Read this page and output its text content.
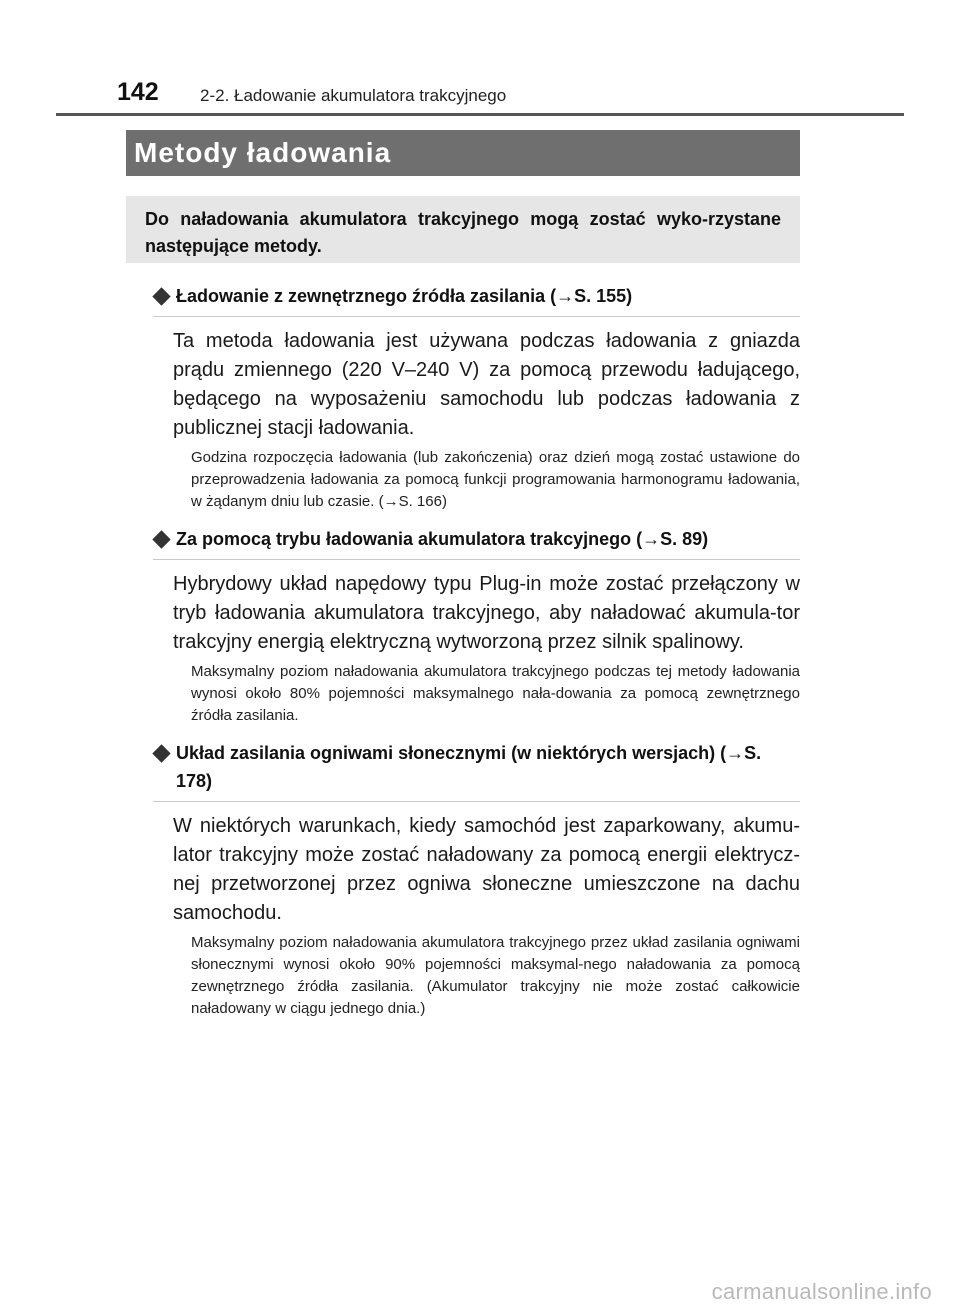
142 2-2. Ładowanie akumulatora trakcyjnego
Metody ładowania
Do naładowania akumulatora trakcyjnego mogą zostać wyko-rzystane następujące metody.
Ładowanie z zewnętrznego źródła zasilania (→S. 155)
Ta metoda ładowania jest używana podczas ładowania z gniazda prądu zmiennego (220 V–240 V) za pomocą przewodu ładującego, będącego na wyposażeniu samochodu lub podczas ładowania z publicznej stacji ładowania.
Godzina rozpoczęcia ładowania (lub zakończenia) oraz dzień mogą zostać ustawione do przeprowadzenia ładowania za pomocą funkcji programowania harmonogramu ładowania, w żądanym dniu lub czasie. (→S. 166)
Za pomocą trybu ładowania akumulatora trakcyjnego (→S. 89)
Hybrydowy układ napędowy typu Plug-in może zostać przełączony w tryb ładowania akumulatora trakcyjnego, aby naładować akumula-tor trakcyjny energią elektryczną wytworzoną przez silnik spalinowy.
Maksymalny poziom naładowania akumulatora trakcyjnego podczas tej metody ładowania wynosi około 80% pojemności maksymalnego nała-dowania za pomocą zewnętrznego źródła zasilania.
Układ zasilania ogniwami słonecznymi (w niektórych wersjach) (→S. 178)
W niektórych warunkach, kiedy samochód jest zaparkowany, akumu-lator trakcyjny może zostać naładowany za pomocą energii elektrycz-nej przetworzonej przez ogniwa słoneczne umieszczone na dachu samochodu.
Maksymalny poziom naładowania akumulatora trakcyjnego przez układ zasilania ogniwami słonecznymi wynosi około 90% pojemności maksymal-nego naładowania za pomocą zewnętrznego źródła zasilania. (Akumulator trakcyjny nie może zostać całkowicie naładowany w ciągu jednego dnia.)
carmanualsonline.info
